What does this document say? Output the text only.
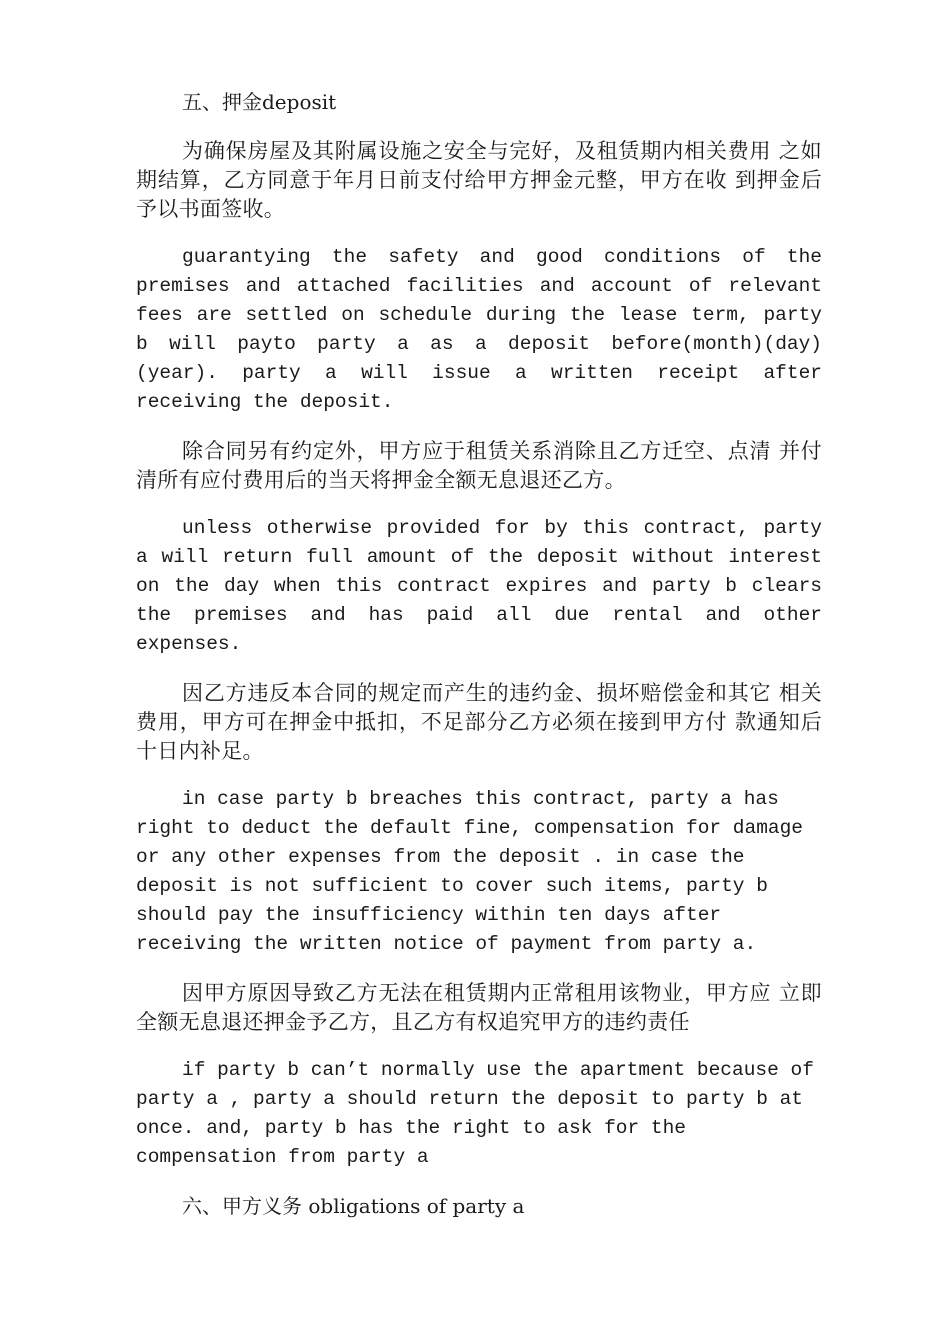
五、押金deposit

为确保房屋及其附属设施之安全与完好，及租赁期内相关费用 之如期结算，乙方同意于年月日前支付给甲方押金元整，甲方在收 到押金后予以书面签收。

guarantying the safety and good conditions of the premises and attached facilities and account of relevant fees are settled on schedule during the lease term, party b will payto party a as a deposit before(month)(day)(year). party a will issue a written receipt after receiving the deposit.

除合同另有约定外，甲方应于租赁关系消除且乙方迁空、点清 并付清所有应付费用后的当天将押金全额无息退还乙方。

unless otherwise provided for by this contract, party a will return full amount of the deposit without interest on the day when this contract expires and party b clears the premises and has paid all due rental and other expenses.

因乙方违反本合同的规定而产生的违约金、损坏赔偿金和其它 相关费用，甲方可在押金中抵扣，不足部分乙方必须在接到甲方付 款通知后十日内补足。

in case party b breaches this contract, party a has right to deduct the default fine, compensation for damage or any other expenses from the deposit . in case the deposit is not sufficient to cover such items, party b should pay the insufficiency within ten days after receiving the written notice of payment from party a.

因甲方原因导致乙方无法在租赁期内正常租用该物业，甲方应 立即全额无息退还押金予乙方，且乙方有权追究甲方的违约责任

if party b can’t normally use the apartment because of party a , party a should return the deposit to party b at once. and, party b has the right to ask for the compensation from party a

六、甲方义务 obligations of party a
